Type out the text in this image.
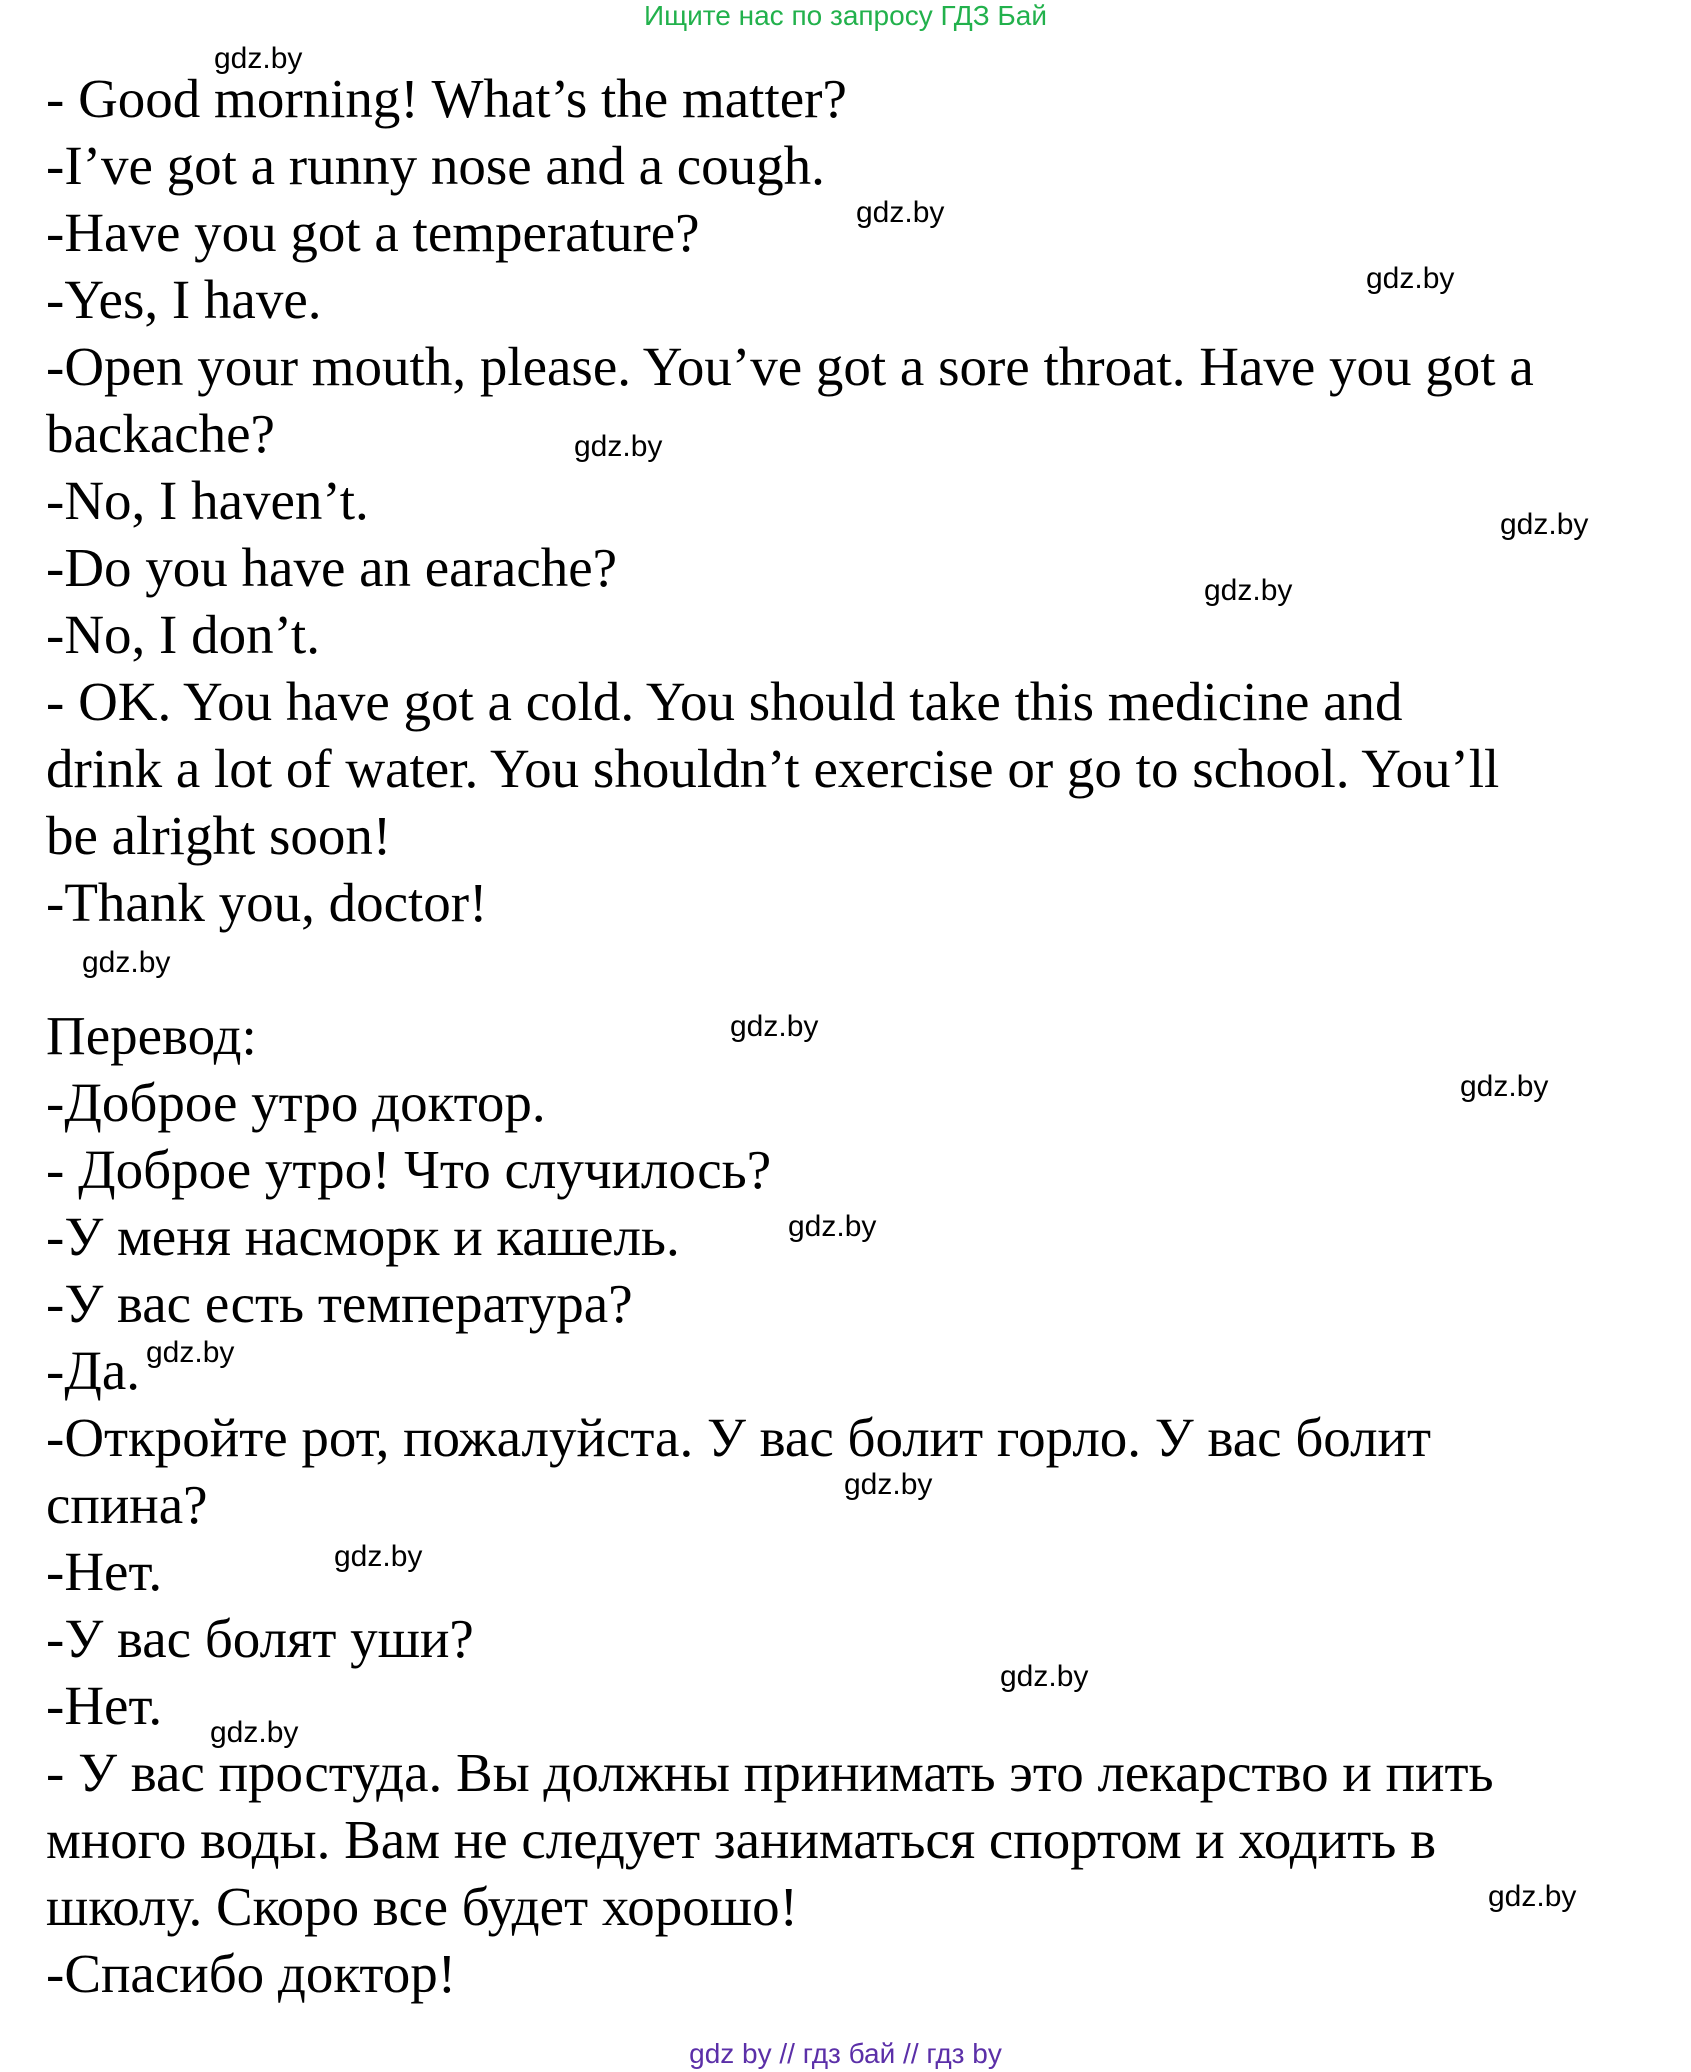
Ищите нас по запросу ГДЗ Бай
- Good morning! What’s the matter?
-I’ve got a runny nose and a cough.
-Have you got a temperature?
-Yes, I have.
-Open your mouth, please. You’ve got a sore throat. Have you got a
backache?
-No, I haven’t.
-Do you have an earache?
-No, I don’t.
- OK. You have got a cold. You should take this medicine and
drink a lot of water. You shouldn’t exercise or go to school. You’ll
be alright soon!
-Thank you, doctor!
Перевод:
-Доброе утро доктор.
- Доброе утро! Что случилось?
-У меня насморк и кашель.
-У вас есть температура?
-Да.
-Откройте рот, пожалуйста. У вас болит горло. У вас болит
спина?
-Нет.
-У вас болят уши?
-Нет.
- У вас простуда. Вы должны принимать это лекарство и пить
много воды. Вам не следует заниматься спортом и ходить в
школу. Скоро все будет хорошо!
-Спасибо доктор!
gdz.by
gdz.by
gdz.by
gdz.by
gdz.by
gdz.by
gdz.by
gdz.by
gdz.by
gdz.by
gdz.by
gdz.by
gdz.by
gdz.by
gdz.by
gdz.by
gdz by // гдз бай // гдз by
